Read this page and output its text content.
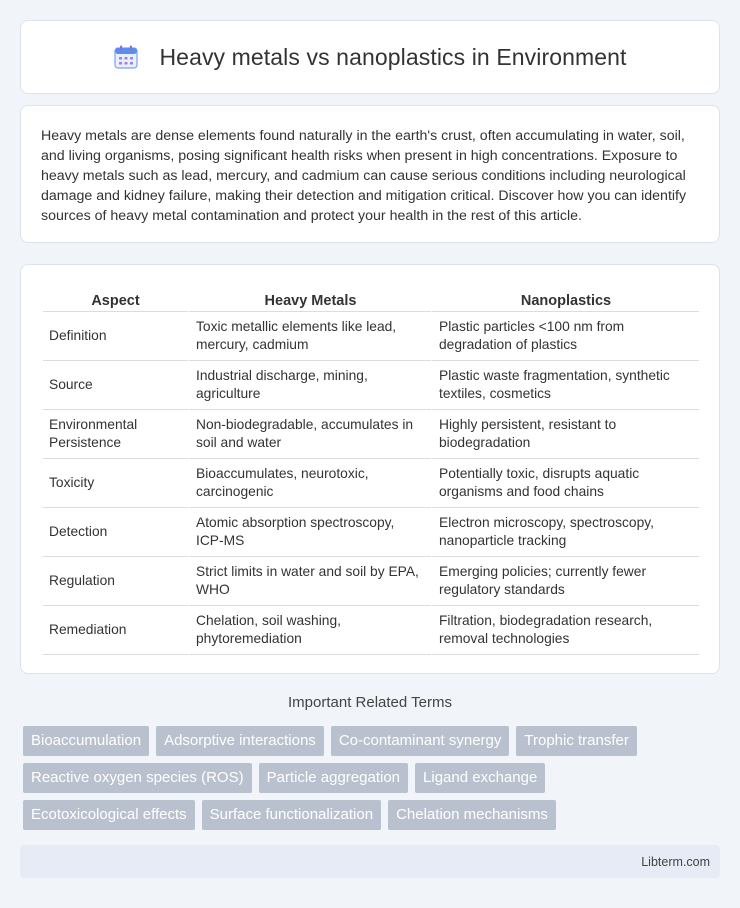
Heavy metals vs nanoplastics in Environment

Heavy metals are dense elements found naturally in the earth's crust, often accumulating in water, soil, and living organisms, posing significant health risks when present in high concentrations. Exposure to heavy metals such as lead, mercury, and cadmium can cause serious conditions including neurological damage and kidney failure, making their detection and mitigation critical. Discover how you can identify sources of heavy metal contamination and protect your health in the rest of this article.

Aspect	Heavy Metals	Nanoplastics
Definition	Toxic metallic elements like lead, mercury, cadmium	Plastic particles <100 nm from degradation of plastics
Source	Industrial discharge, mining, agriculture	Plastic waste fragmentation, synthetic textiles, cosmetics
Environmental Persistence	Non-biodegradable, accumulates in soil and water	Highly persistent, resistant to biodegradation
Toxicity	Bioaccumulates, neurotoxic, carcinogenic	Potentially toxic, disrupts aquatic organisms and food chains
Detection	Atomic absorption spectroscopy, ICP-MS	Electron microscopy, spectroscopy, nanoparticle tracking
Regulation	Strict limits in water and soil by EPA, WHO	Emerging policies; currently fewer regulatory standards
Remediation	Chelation, soil washing, phytoremediation	Filtration, biodegradation research, removal technologies
Important Related Terms
Bioaccumulation	Adsorptive interactions	Co-contaminant synergy	Trophic transfer
Reactive oxygen species (ROS)	Particle aggregation	Ligand exchange
Ecotoxicological effects	Surface functionalization	Chelation mechanisms
Libterm.com
